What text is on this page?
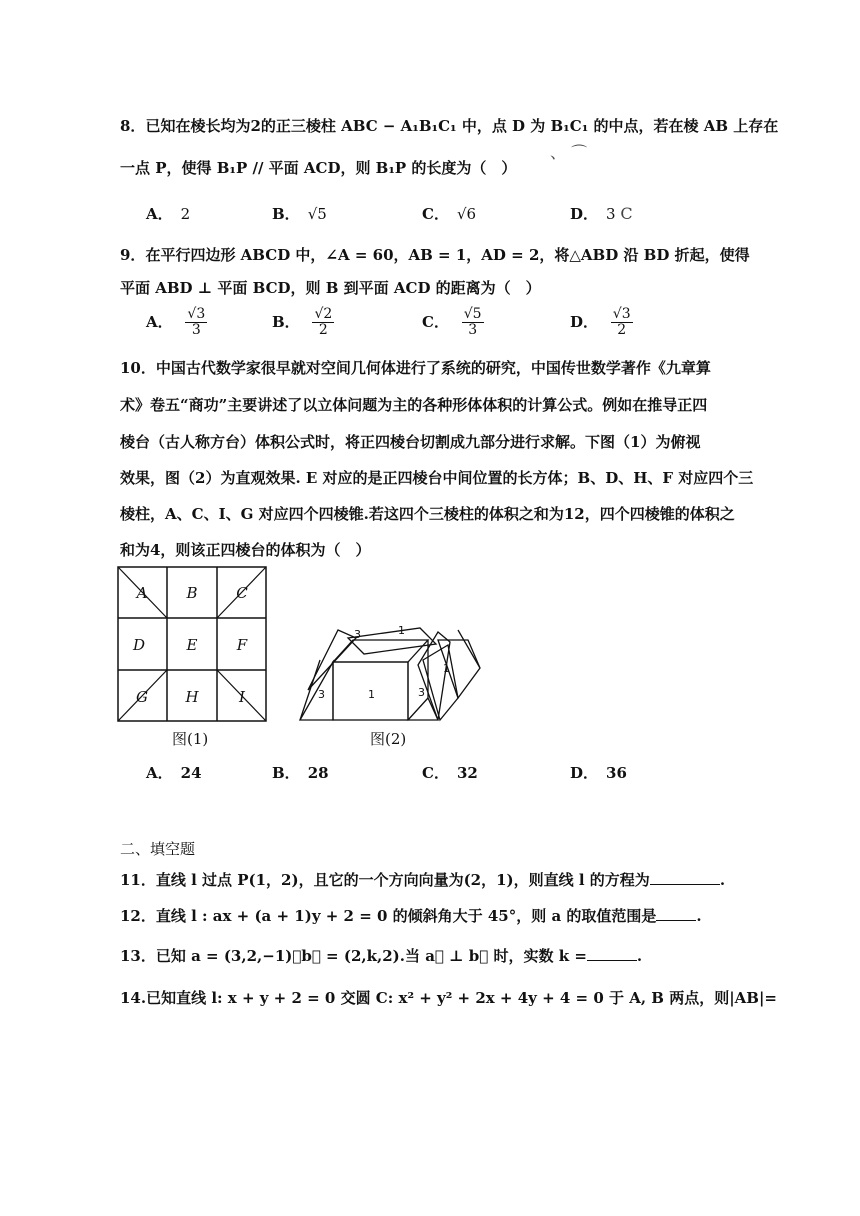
8．已知在棱长均为2的正三棱柱 ABC − A₁B₁C₁ 中，点 D 为 B₁C₁ 的中点，若在棱 AB 上存在
一点 P，使得 B₁P // 平面 ACD，则 B₁P 的长度为（　）
、 ⌒
A． 2	B． √5	C． √6	D． 3 C
9．在平行四边形 ABCD 中，∠A = 60，AB = 1，AD = 2，将△ABD 沿 BD 折起，使得
平面 ABD ⊥ 平面 BCD，则 B 到平面 ACD 的距离为（　）
A． $\frac{√3}{3}$	B． $\frac{√2}{2}$	C． $\frac{√5}{3}$	D． $\frac{√3}{2}$
10．中国古代数学家很早就对空间几何体进行了系统的研究，中国传世数学著作《九章算
术》卷五“商功”主要讲述了以立体问题为主的各种形体体积的计算公式。例如在推导正四
棱台（古人称方台）体积公式时，将正四棱台切割成九部分进行求解。下图（1）为俯视
效果，图（2）为直观效果. E 对应的是正四棱台中间位置的长方体；B、D、H、F 对应四个三
棱柱，A、C、I、G 对应四个四棱锥.若这四个三棱柱的体积之和为12，四个四棱锥的体积之
和为4，则该正四棱台的体积为（　）
A	B	C
D	E	F
G H	I
图(1)
1
1
1
3	3
3
图(2)
A． 24	B． 28	C． 32	D． 36
二、填空题
11．直线 l 过点 P(1，2)，且它的一个方向向量为(2，1)，则直线 l 的方程为	.
12．直线 l : ax + (a + 1)y + 2 = 0 的倾斜角大于 45°，则 a 的取值范围是	.
13．已知 a = (3,2,−1)，b⃗ = (2,k,2).当 a⃗ ⊥ b⃗ 时，实数 k =	.
14.已知直线 l: x + y + 2 = 0 交圆 C: x² + y² + 2x + 4y + 4 = 0 于 A, B 两点，则|AB|=
